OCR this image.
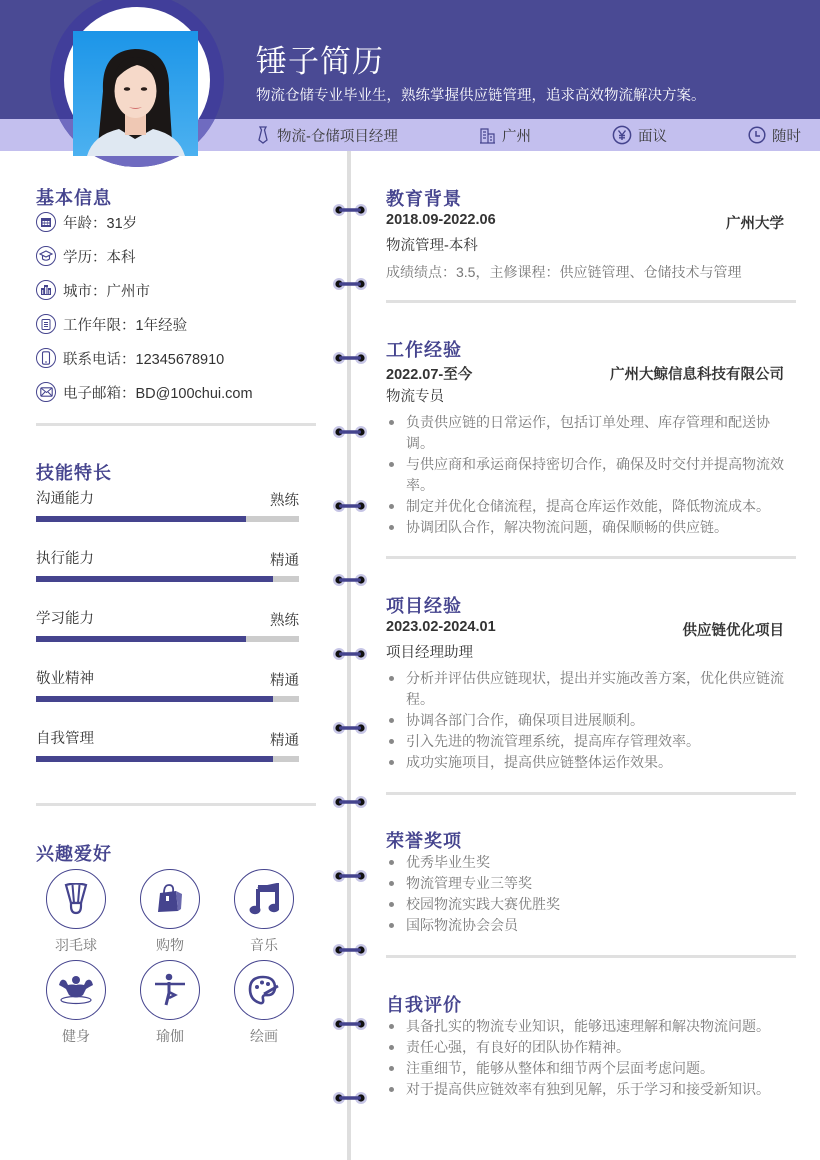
锤子简历
物流仓储专业毕业生，熟练掌握供应链管理，追求高效物流解决方案。
物流-仓储项目经理	广州	面议	随时
基本信息
年龄：31岁
学历：本科
城市：广州市
工作年限：1年经验
联系电话：12345678910
电子邮箱：BD@100chui.com
技能特长
沟通能力	熟练
执行能力	精通
学习能力	熟练
敬业精神	精通
自我管理	精通
兴趣爱好
羽毛球	购物	音乐
健身	瑜伽	绘画
教育背景
2018.09-2022.06	广州大学
物流管理-本科
成绩绩点：3.5，主修课程：供应链管理、仓储技术与管理
工作经验
2022.07-至今	广州大鲸信息科技有限公司
物流专员
负责供应链的日常运作，包括订单处理、库存管理和配送协调。
与供应商和承运商保持密切合作，确保及时交付并提高物流效率。
制定并优化仓储流程，提高仓库运作效能，降低物流成本。
协调团队合作，解决物流问题，确保顺畅的供应链。
项目经验
2023.02-2024.01	供应链优化项目
项目经理助理
分析并评估供应链现状，提出并实施改善方案，优化供应链流程。
协调各部门合作，确保项目进展顺利。
引入先进的物流管理系统，提高库存管理效率。
成功实施项目，提高供应链整体运作效果。
荣誉奖项
优秀毕业生奖
物流管理专业三等奖
校园物流实践大赛优胜奖
国际物流协会会员
自我评价
具备扎实的物流专业知识，能够迅速理解和解决物流问题。
责任心强，有良好的团队协作精神。
注重细节，能够从整体和细节两个层面考虑问题。
对于提高供应链效率有独到见解，乐于学习和接受新知识。
